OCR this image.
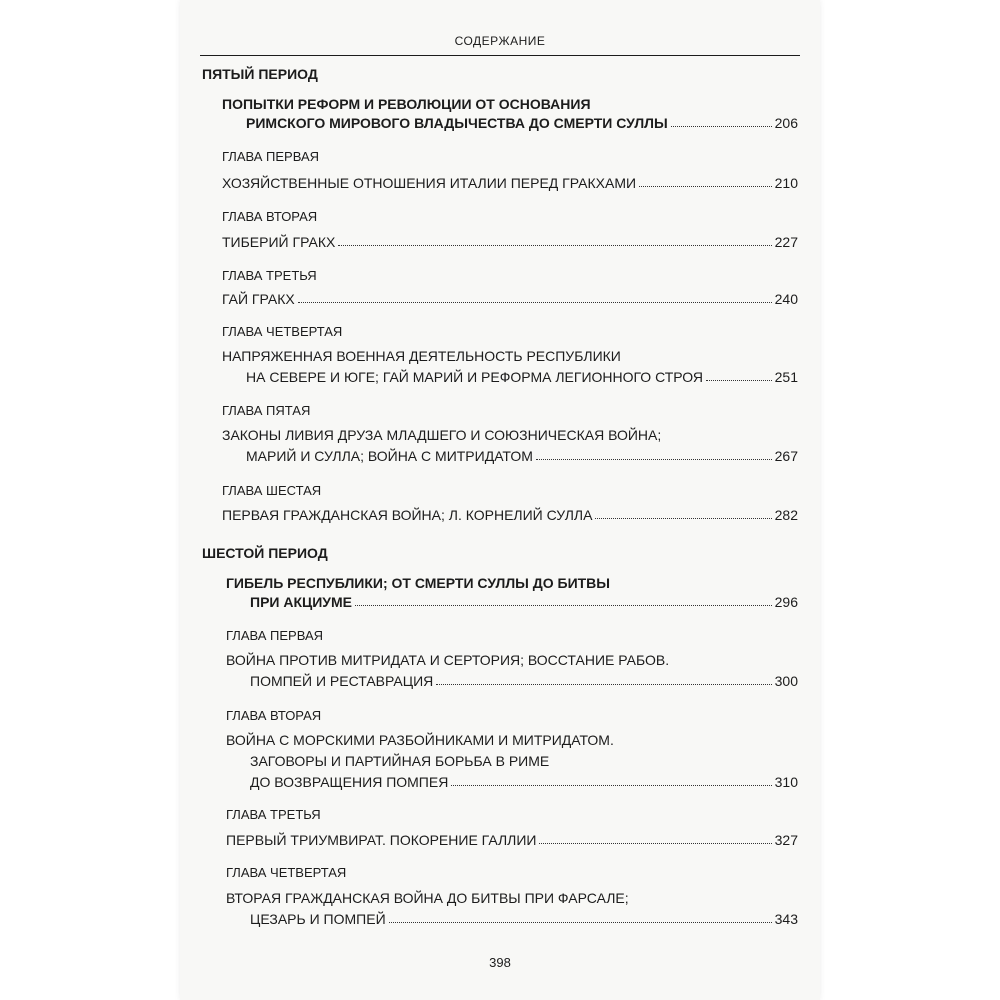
СОДЕРЖАНИЕ
ПЯТЫЙ ПЕРИОД
ПОПЫТКИ РЕФОРМ И РЕВОЛЮЦИИ ОТ ОСНОВАНИЯ
РИМСКОГО МИРОВОГО ВЛАДЫЧЕСТВА ДО СМЕРТИ СУЛЛЫ	206
ГЛАВА ПЕРВАЯ
ХОЗЯЙСТВЕННЫЕ ОТНОШЕНИЯ ИТАЛИИ ПЕРЕД ГРАКХАМИ	210
ГЛАВА ВТОРАЯ
ТИБЕРИЙ ГРАКХ	227
ГЛАВА ТРЕТЬЯ
ГАЙ ГРАКХ	240
ГЛАВА ЧЕТВЕРТАЯ
НАПРЯЖЕННАЯ ВОЕННАЯ ДЕЯТЕЛЬНОСТЬ РЕСПУБЛИКИ
НА СЕВЕРЕ И ЮГЕ; ГАЙ МАРИЙ И РЕФОРМА ЛЕГИОННОГО СТРОЯ	251
ГЛАВА ПЯТАЯ
ЗАКОНЫ ЛИВИЯ ДРУЗА МЛАДШЕГО И СОЮЗНИЧЕСКАЯ ВОЙНА;
МАРИЙ И СУЛЛА; ВОЙНА С МИТРИДАТОМ	267
ГЛАВА ШЕСТАЯ
ПЕРВАЯ ГРАЖДАНСКАЯ ВОЙНА; Л. КОРНЕЛИЙ СУЛЛА	282
ШЕСТОЙ ПЕРИОД
ГИБЕЛЬ РЕСПУБЛИКИ; ОТ СМЕРТИ СУЛЛЫ ДО БИТВЫ
ПРИ АКЦИУМЕ	296
ГЛАВА ПЕРВАЯ
ВОЙНА ПРОТИВ МИТРИДАТА И СЕРТОРИЯ; ВОССТАНИЕ РАБОВ.
ПОМПЕЙ И РЕСТАВРАЦИЯ	300
ГЛАВА ВТОРАЯ
ВОЙНА С МОРСКИМИ РАЗБОЙНИКАМИ И МИТРИДАТОМ.
ЗАГОВОРЫ И ПАРТИЙНАЯ БОРЬБА В РИМЕ
ДО ВОЗВРАЩЕНИЯ ПОМПЕЯ	310
ГЛАВА ТРЕТЬЯ
ПЕРВЫЙ ТРИУМВИРАТ. ПОКОРЕНИЕ ГАЛЛИИ	327
ГЛАВА ЧЕТВЕРТАЯ
ВТОРАЯ ГРАЖДАНСКАЯ ВОЙНА ДО БИТВЫ ПРИ ФАРСАЛЕ;
ЦЕЗАРЬ И ПОМПЕЙ	343
398
